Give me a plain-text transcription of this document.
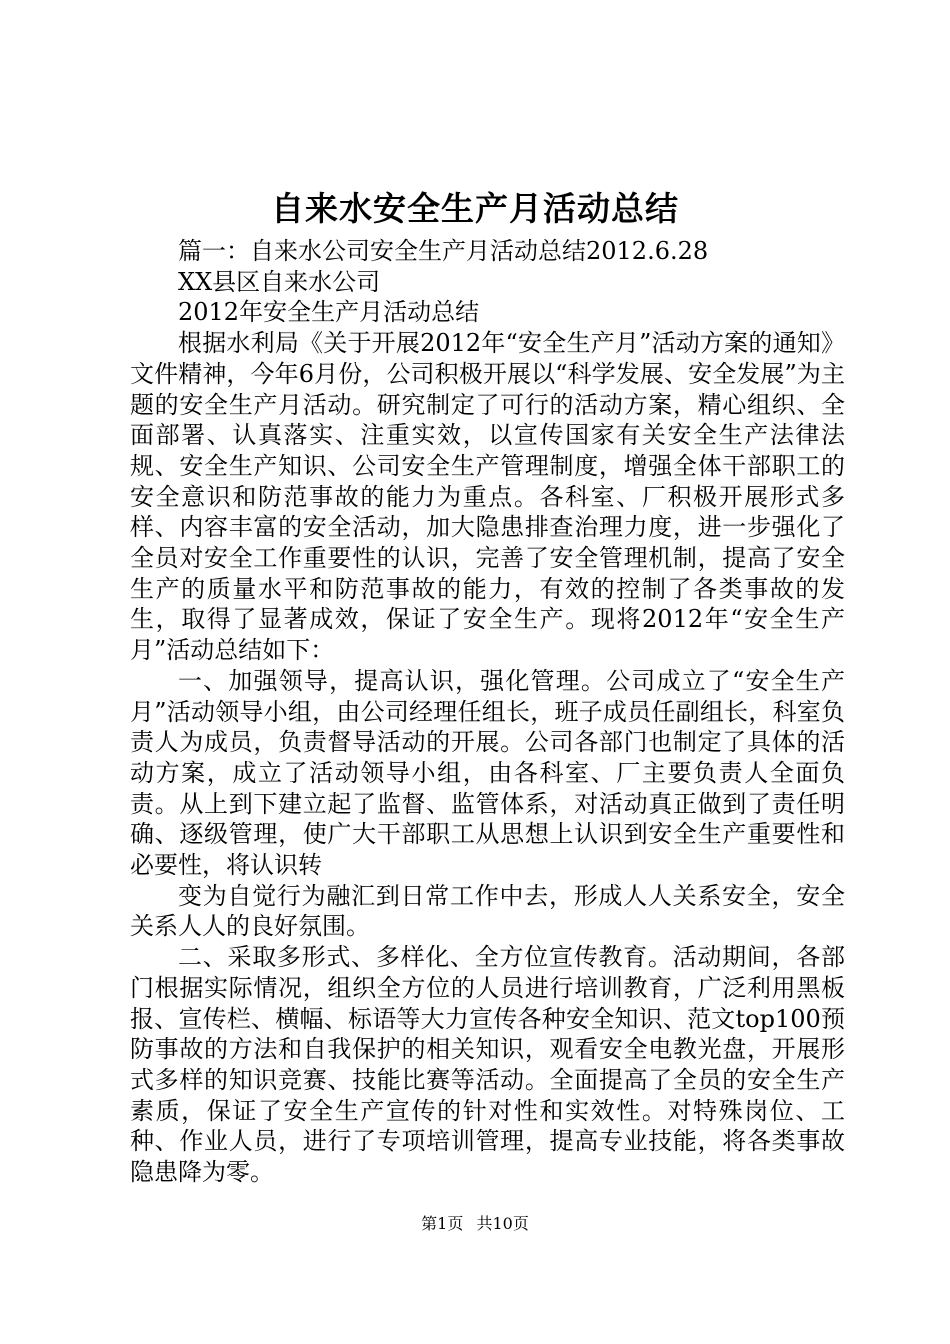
自来水安全生产月活动总结

篇一：自来水公司安全生产月活动总结2012.6.28

XX县区自来水公司

2012年安全生产月活动总结

根据水利局《关于开展2012年“安全生产月”活动方案的通知》文件精神，今年6月份，公司积极开展以“科学发展、安全发展”为主题的安全生产月活动。研究制定了可行的活动方案，精心组织、全面部署、认真落实、注重实效，以宣传国家有关安全生产法律法规、安全生产知识、公司安全生产管理制度，增强全体干部职工的安全意识和防范事故的能力为重点。各科室、厂积极开展形式多样、内容丰富的安全活动，加大隐患排查治理力度，进一步强化了全员对安全工作重要性的认识，完善了安全管理机制，提高了安全生产的质量水平和防范事故的能力，有效的控制了各类事故的发生，取得了显著成效，保证了安全生产。现将2012年“安全生产月”活动总结如下：

一、加强领导，提高认识，强化管理。公司成立了“安全生产月”活动领导小组，由公司经理任组长，班子成员任副组长，科室负责人为成员，负责督导活动的开展。公司各部门也制定了具体的活动方案，成立了活动领导小组，由各科室、厂主要负责人全面负责。从上到下建立起了监督、监管体系，对活动真正做到了责任明确、逐级管理，使广大干部职工从思想上认识到安全生产重要性和必要性，将认识转

变为自觉行为融汇到日常工作中去，形成人人关系安全，安全关系人人的良好氛围。

二、采取多形式、多样化、全方位宣传教育。活动期间，各部门根据实际情况，组织全方位的人员进行培训教育，广泛利用黑板报、宣传栏、横幅、标语等大力宣传各种安全知识、范文top100预防事故的方法和自我保护的相关知识，观看安全电教光盘，开展形式多样的知识竞赛、技能比赛等活动。全面提高了全员的安全生产素质，保证了安全生产宣传的针对性和实效性。对特殊岗位、工种、作业人员，进行了专项培训管理，提高专业技能，将各类事故隐患降为零。

第1页 共10页
